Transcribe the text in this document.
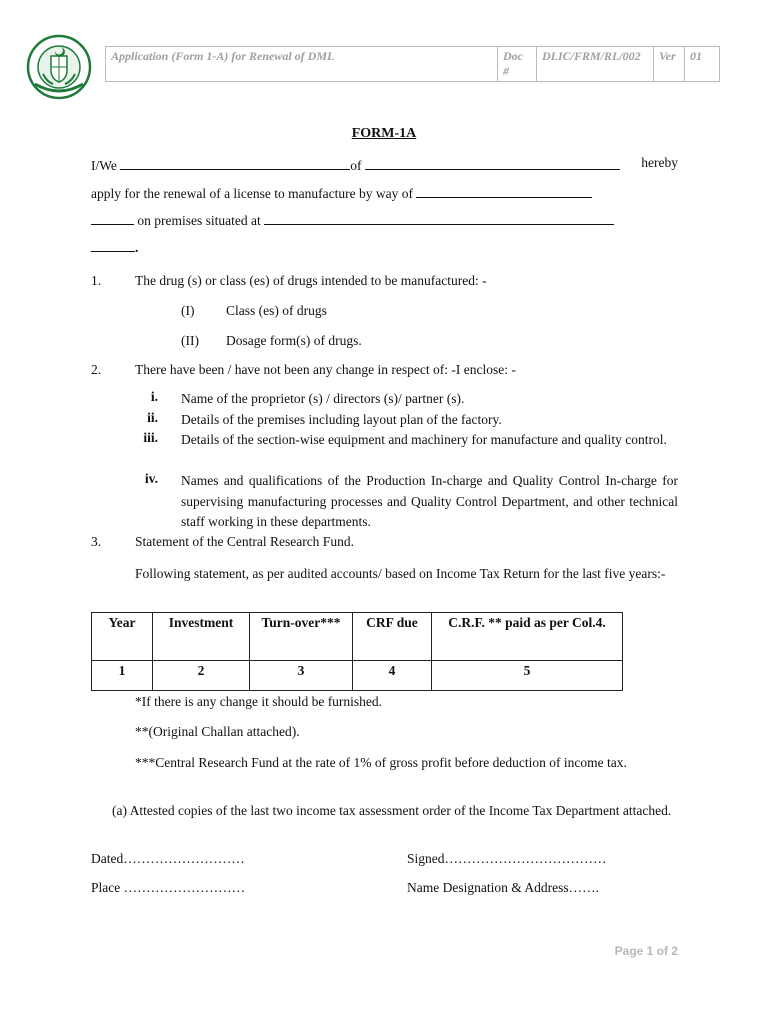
Application (Form 1-A) for Renewal of DML	Doc #	DLIC/FRM/RL/002	Ver	01
FORM-1A
I/We	of	hereby
apply for the renewal of a license to manufacture by way of
on premises situated at
.
1.	The drug (s) or class (es) of drugs intended to be manufactured: -
(I) Class (es) of drugs
(II) Dosage form(s) of drugs.
2.	There have been / have not been any change in respect of: -I enclose: -
i. Name of the proprietor (s) / directors (s)/ partner (s).
ii. Details of the premises including layout plan of the factory.
iii. Details of the section-wise equipment and machinery for manufacture and quality control.
iv. Names and qualifications of the Production In-charge and Quality Control In-charge for supervising manufacturing processes and Quality Control Department, and other technical staff working in these departments.
3.	Statement of the Central Research Fund.
Following statement, as per audited accounts/ based on Income Tax Return for the last five years:-
Year	Investment	Turn-over***	CRF due	C.R.F. ** paid as per Col.4.
1	2	3	4	5
*If there is any change it should be furnished.
**(Original Challan attached).
***Central Research Fund at the rate of 1% of gross profit before deduction of income tax.
(a) Attested copies of the last two income tax assessment order of the Income Tax Department attached.
Dated………………………	Signed………………………………
Place ………………………	Name Designation & Address…….
Page 1 of 2
